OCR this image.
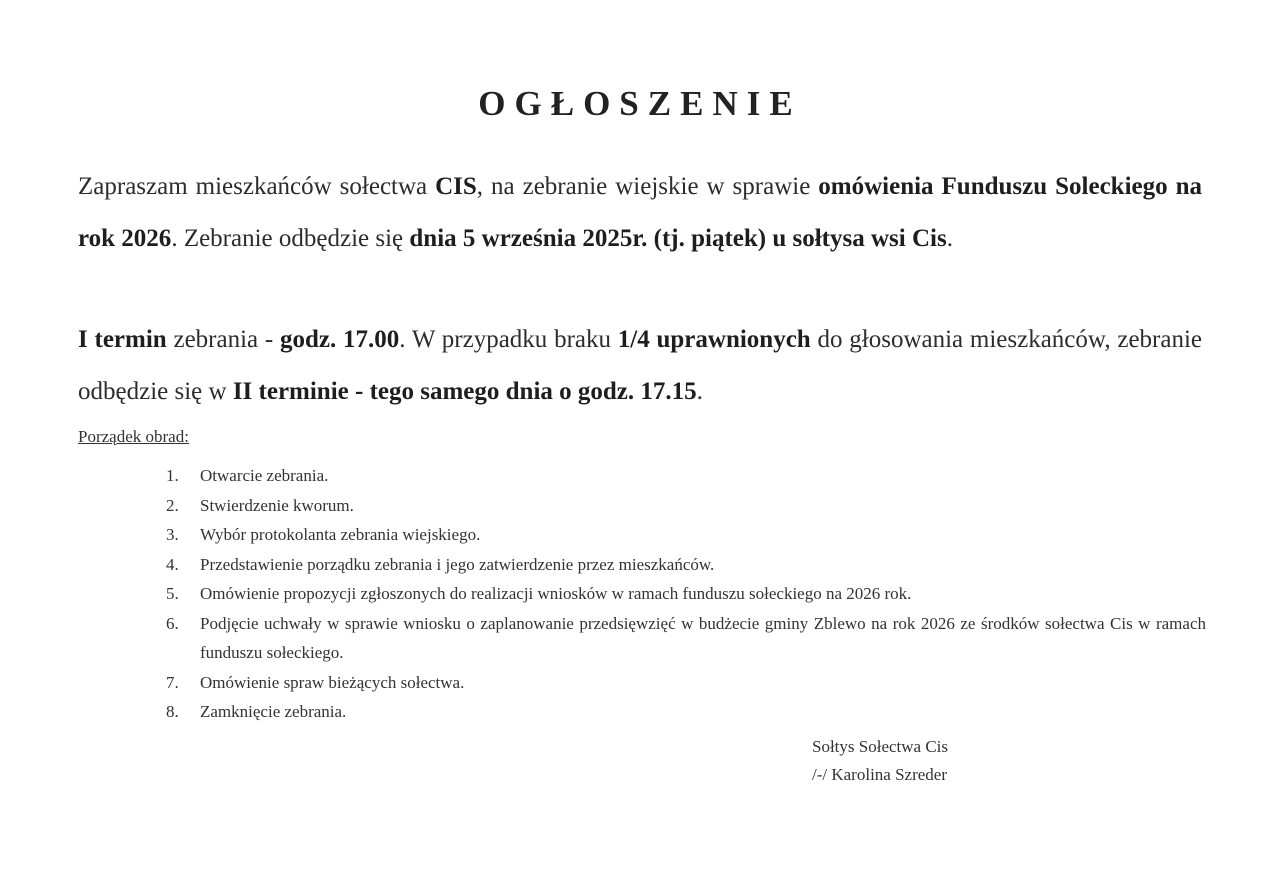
OGŁOSZENIE

Zapraszam mieszkańców sołectwa CIS, na zebranie wiejskie w sprawie omówienia Funduszu Soleckiego na rok 2026. Zebranie odbędzie się dnia 5 września 2025r. (tj. piątek) u sołtysa wsi Cis.

I termin zebrania - godz. 17.00. W przypadku braku 1/4 uprawnionych do głosowania mieszkańców, zebranie odbędzie się w II terminie - tego samego dnia o godz. 17.15.

Porządek obrad:

1.	Otwarcie zebrania.
2.	Stwierdzenie kworum.
3.	Wybór protokolanta zebrania wiejskiego.
4.	Przedstawienie porządku zebrania i jego zatwierdzenie przez mieszkańców.
5.	Omówienie propozycji zgłoszonych do realizacji wniosków w ramach funduszu sołeckiego na 2026 rok.
6.	Podjęcie uchwały w sprawie wniosku o zaplanowanie przedsięwzięć w budżecie gminy Zblewo na rok 2026 ze środków sołectwa Cis w ramach funduszu sołeckiego.
7.	Omówienie spraw bieżących sołectwa.
8.	Zamknięcie zebrania.
Sołtys Sołectwa Cis
/-/ Karolina Szreder
